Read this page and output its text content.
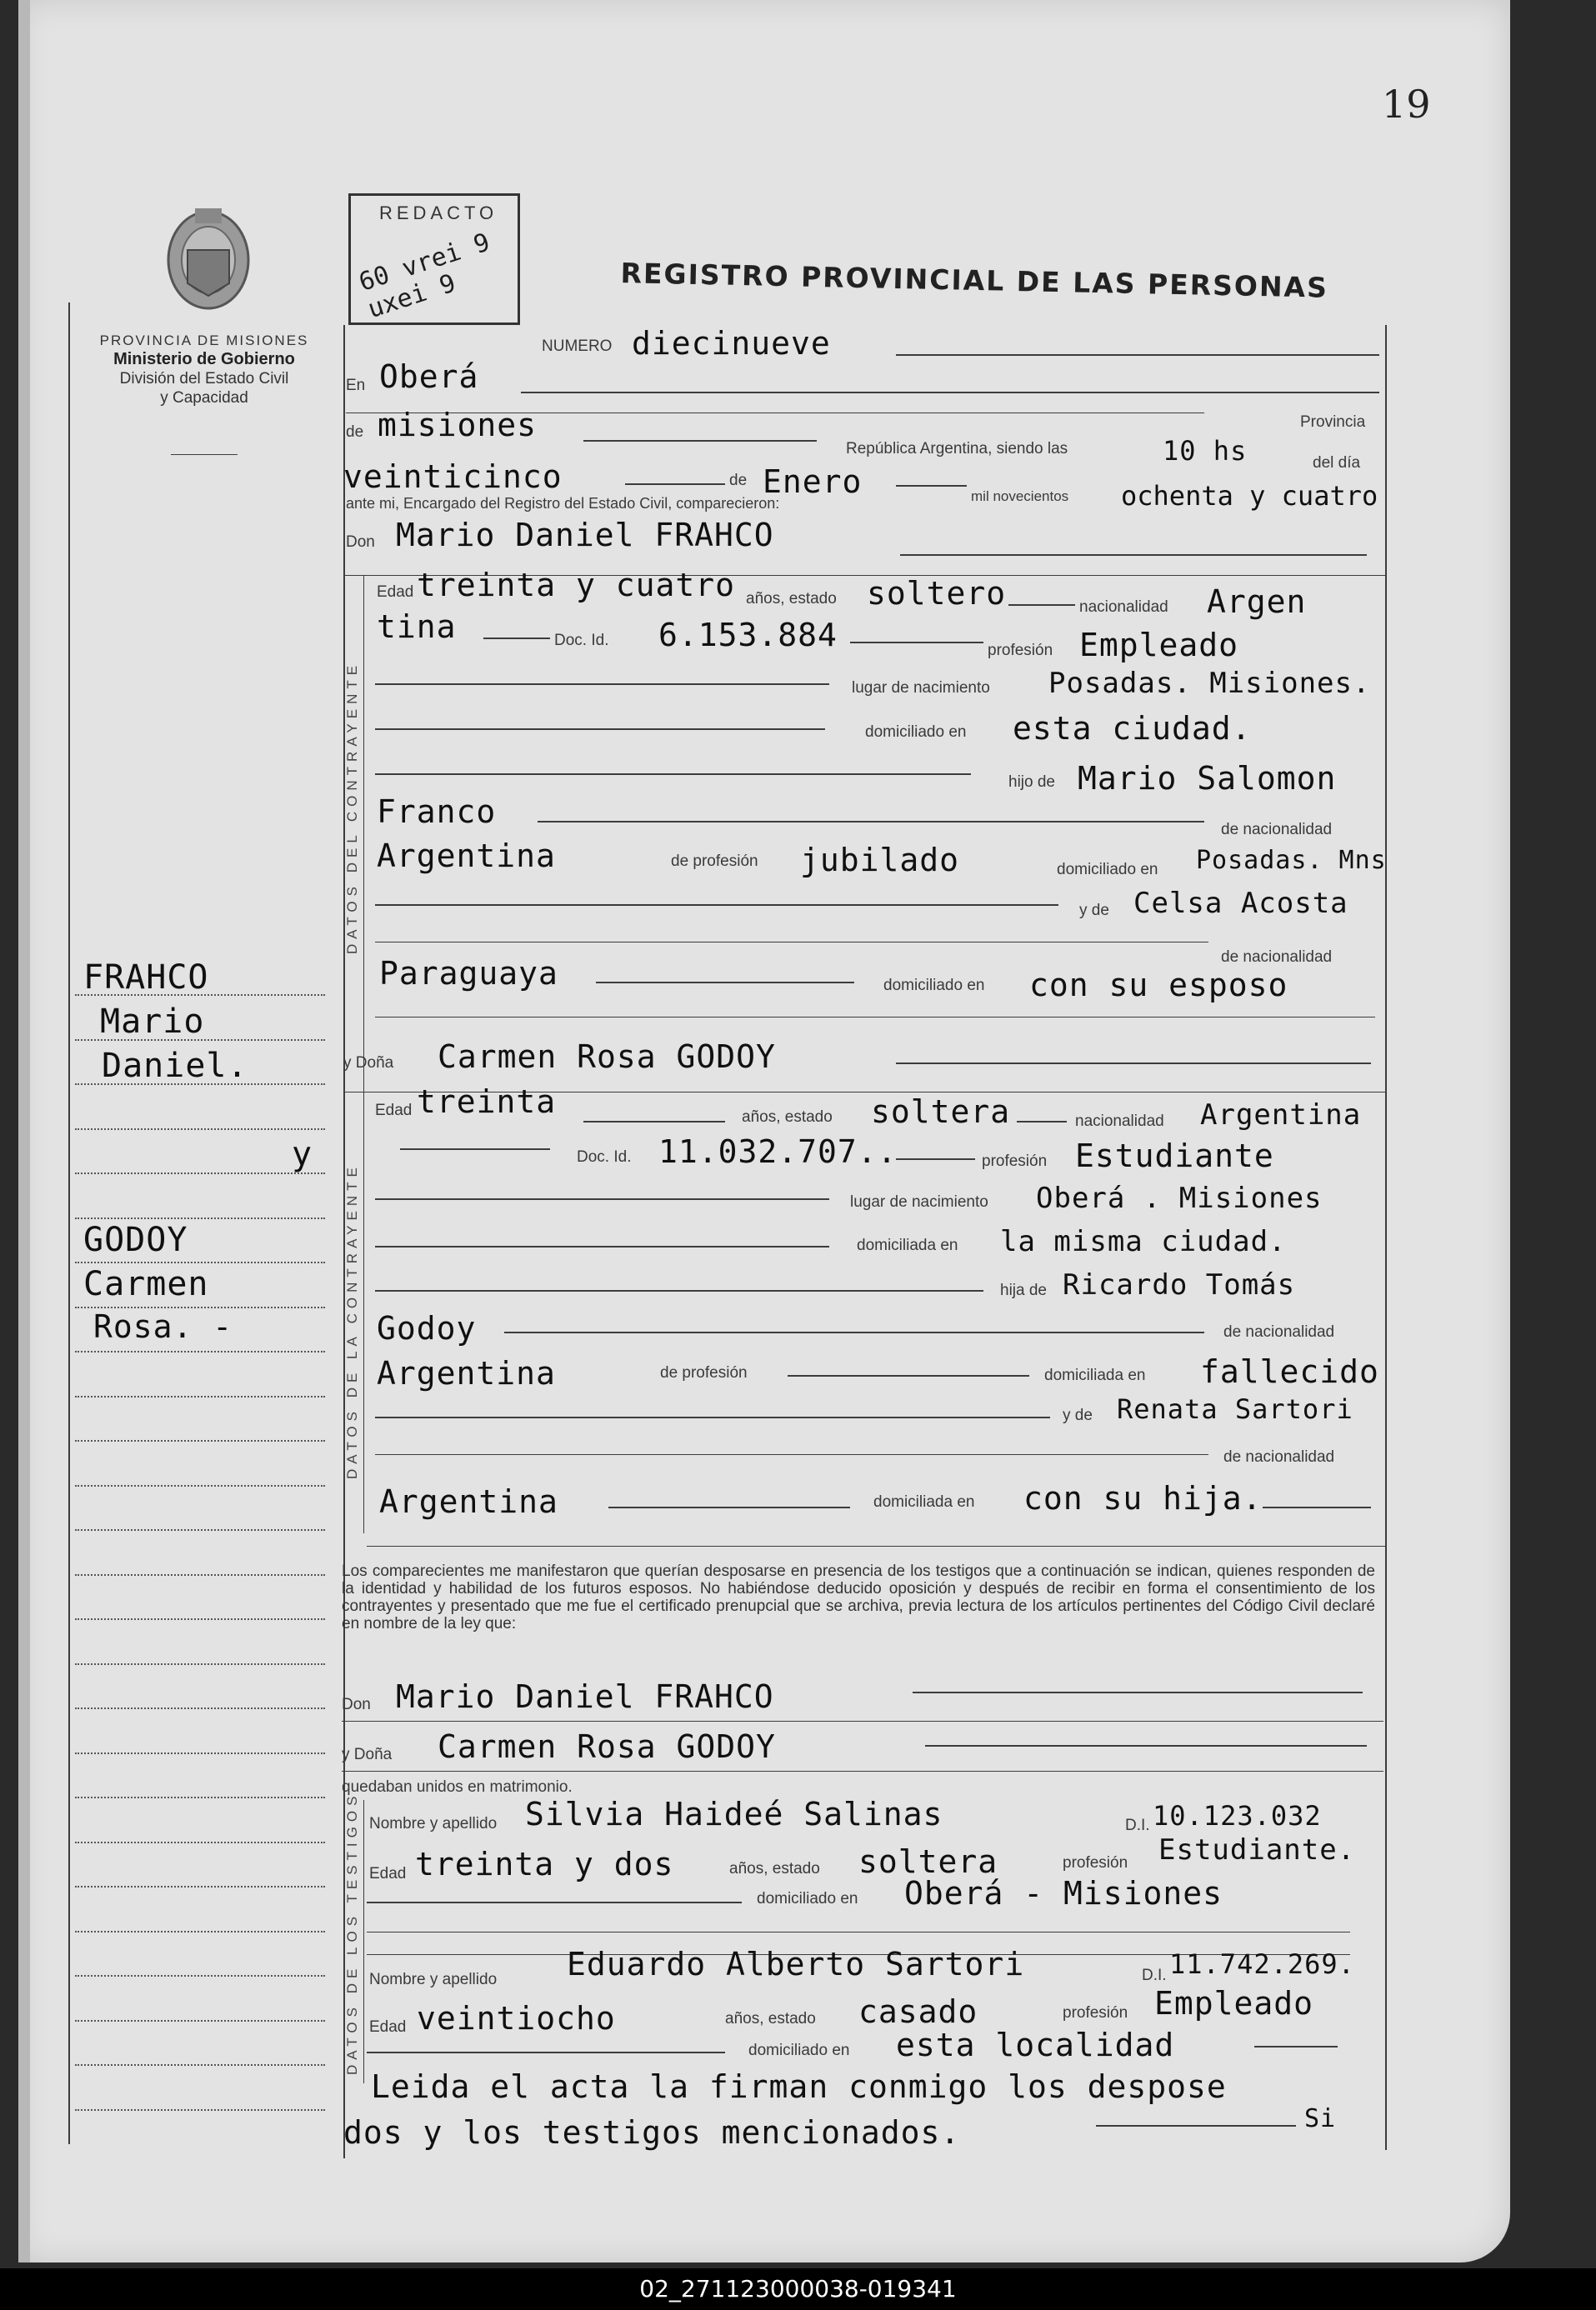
19
PROVINCIA DE MISIONES
Ministerio de Gobierno
División del Estado Civil
y Capacidad
REDACTO
60 vrei 9 uxei 9	REGISTRO PROVINCIAL DE LAS PERSONAS
NUMERO diecinueve
En Oberá
Provincia
de misiones
República Argentina, siendo las	10 hs	del día
veinticinco	de Enero	mil novecientos ochenta y cuatro
ante mi, Encargado del Registro del Estado Civil, comparecieron:
Don Mario Daniel FRAHCO
DATOS DEL CONTRAYENTE
Edad treinta y cuatro años, estado soltero	nacionalidad Argen
tina	Doc. Id. 6.153.884	profesión Empleado
lugar de nacimiento Posadas. Misiones.
domiciliado en esta ciudad.
hijo de Mario Salomon
Franco	de nacionalidad
Argentina	de profesión jubilado	domiciliado en Posadas. Mns
y de Celsa Acosta
de nacionalidad
Paraguaya	domiciliado en con su esposo
y Doña Carmen Rosa GODOY
DATOS DE LA CONTRAYENTE
Edad treinta	años, estado soltera	nacionalidad Argentina
Doc. Id. 11.032.707..	profesión Estudiante
lugar de nacimiento Oberá . Misiones
domiciliada en la misma ciudad.
hija de Ricardo Tomás
Godoy	de nacionalidad
Argentina	de profesión	domiciliada en fallecido
y de Renata Sartori
de nacionalidad
Argentina	domiciliada en con su hija.
Los comparecientes me manifestaron que querían desposarse en presencia de los testigos que a continuación se indican, quienes responden de la identidad y habilidad de los futuros esposos. No habiéndose deducido oposición y después de recibir en forma el consentimiento de los contrayentes y presentado que me fue el certificado prenupcial que se archiva, previa lectura de los artículos pertinentes del Código Civil declaré en nombre de la ley que:
Don Mario Daniel FRAHCO
y Doña Carmen Rosa GODOY
quedaban unidos en matrimonio.
DATOS DE LOS TESTIGOS Nombre y apellido Silvia Haideé Salinas	D.I. 10.123.032
Edad treinta y dos	años, estado soltera	profesión Estudiante.
domiciliado en Oberá - Misiones
Nombre y apellido Eduardo Alberto Sartori	D.I. 11.742.269.
Edad veintiocho	años, estado casado	profesión Empleado
domiciliado en esta localidad
Leida el acta la firman conmigo los despose
dos y los testigos mencionados.	Si
FRAHCO
Mario
Daniel.
y
GODOY
Carmen
Rosa. -
02_271123000038-019341
